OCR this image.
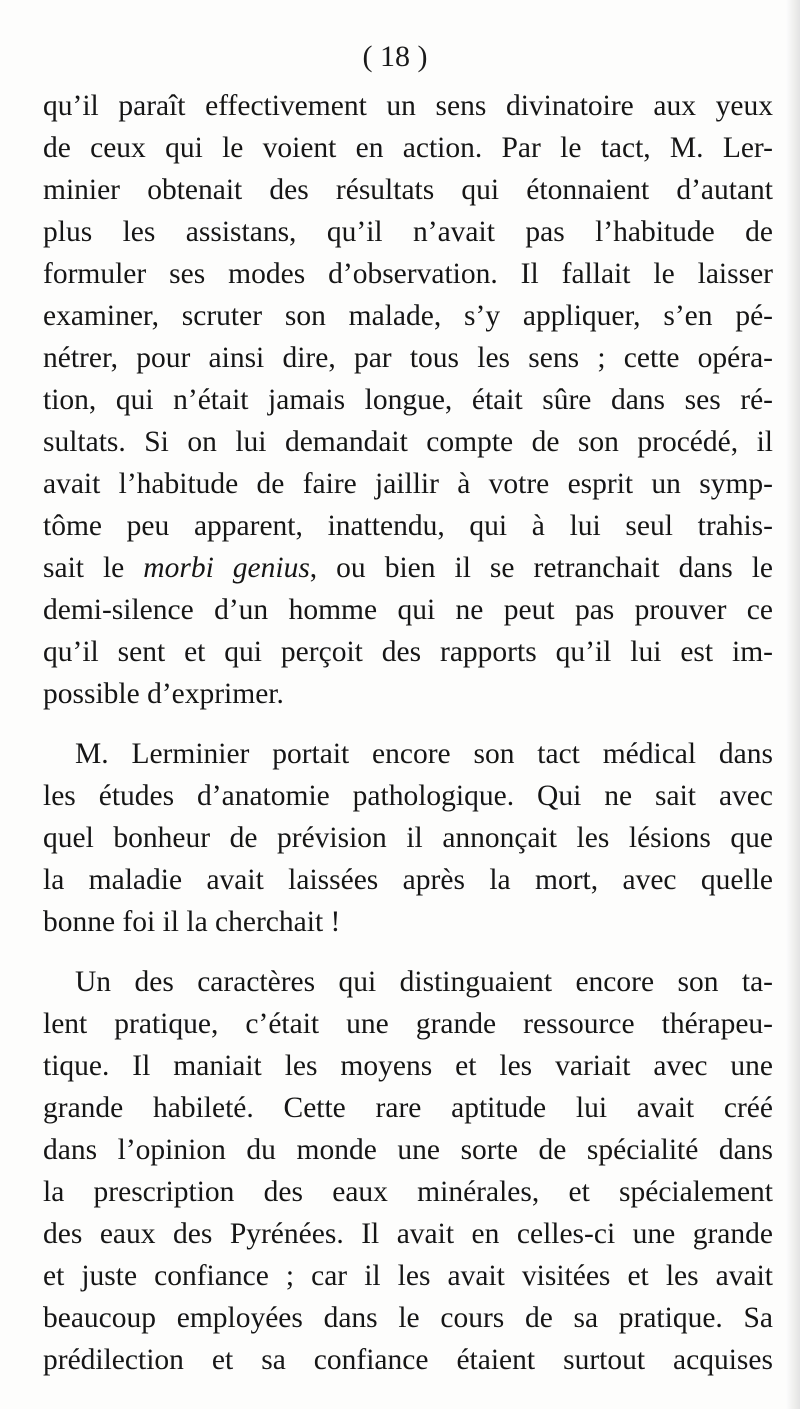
( 18 )
qu’il paraît effectivement un sens divinatoire aux yeux
de ceux qui le voient en action. Par le tact, M. Ler-
minier obtenait des résultats qui étonnaient d’autant
plus les assistans, qu’il n’avait pas l’habitude de
formuler ses modes d’observation. Il fallait le laisser
examiner, scruter son malade, s’y appliquer, s’en pé-
nétrer, pour ainsi dire, par tous les sens ; cette opéra-
tion, qui n’était jamais longue, était sûre dans ses ré-
sultats. Si on lui demandait compte de son procédé, il
avait l’habitude de faire jaillir à votre esprit un symp-
tôme peu apparent, inattendu, qui à lui seul trahis-
sait le morbi genius, ou bien il se retranchait dans le
demi-silence d’un homme qui ne peut pas prouver ce
qu’il sent et qui perçoit des rapports qu’il lui est im-
possible d’exprimer.
M. Lerminier portait encore son tact médical dans
les études d’anatomie pathologique. Qui ne sait avec
quel bonheur de prévision il annonçait les lésions que
la maladie avait laissées après la mort, avec quelle
bonne foi il la cherchait !
Un des caractères qui distinguaient encore son ta-
lent pratique, c’était une grande ressource thérapeu-
tique. Il maniait les moyens et les variait avec une
grande habileté. Cette rare aptitude lui avait créé
dans l’opinion du monde une sorte de spécialité dans
la prescription des eaux minérales, et spécialement
des eaux des Pyrénées. Il avait en celles-ci une grande
et juste confiance ; car il les avait visitées et les avait
beaucoup employées dans le cours de sa pratique. Sa
prédilection et sa confiance étaient surtout acquises
